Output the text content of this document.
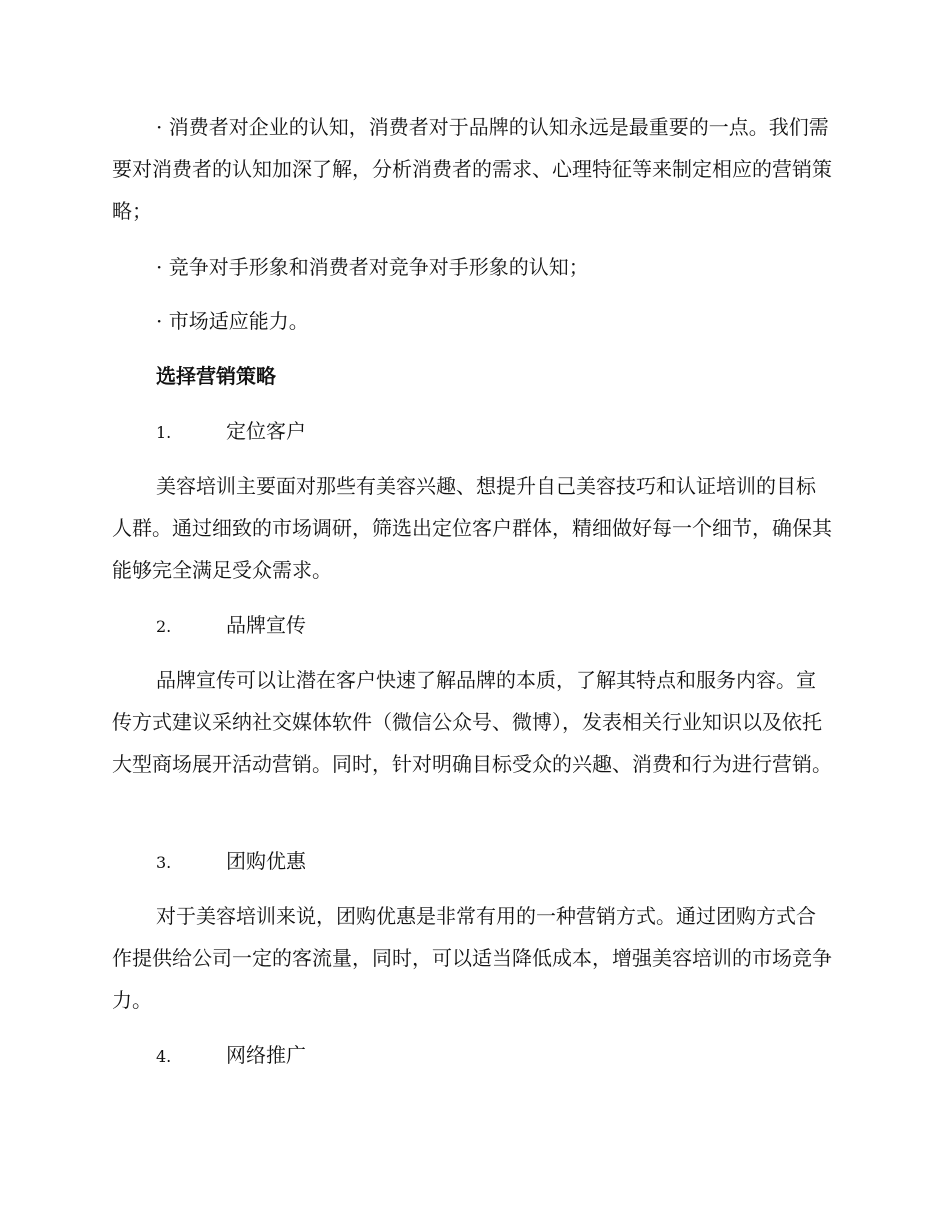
· 消费者对企业的认知，消费者对于品牌的认知永远是最重要的一点。我们需要对消费者的认知加深了解，分析消费者的需求、心理特征等来制定相应的营销策略；

· 竞争对手形象和消费者对竞争对手形象的认知；

· 市场适应能力。

选择营销策略

1.	定位客户

美容培训主要面对那些有美容兴趣、想提升自己美容技巧和认证培训的目标人群。通过细致的市场调研，筛选出定位客户群体，精细做好每一个细节，确保其能够完全满足受众需求。

2.	品牌宣传

品牌宣传可以让潜在客户快速了解品牌的本质，了解其特点和服务内容。宣传方式建议采纳社交媒体软件（微信公众号、微博），发表相关行业知识以及依托大型商场展开活动营销。同时，针对明确目标受众的兴趣、消费和行为进行营销。

3.	团购优惠

对于美容培训来说，团购优惠是非常有用的一种营销方式。通过团购方式合作提供给公司一定的客流量，同时，可以适当降低成本，增强美容培训的市场竞争力。

4.	网络推广
